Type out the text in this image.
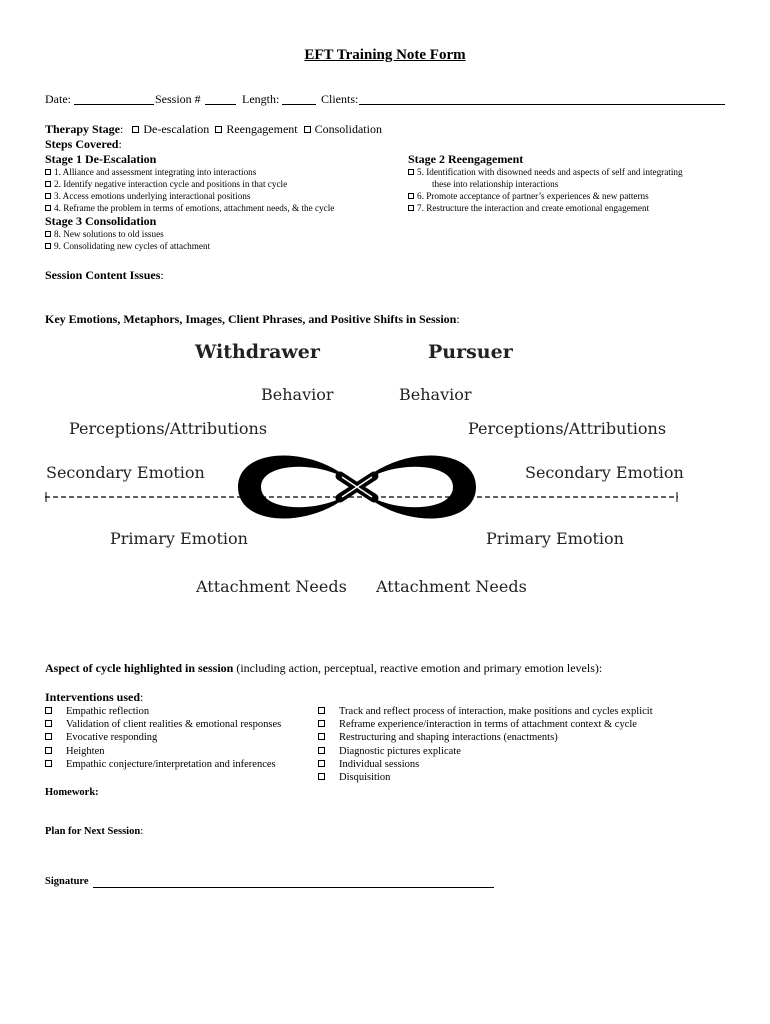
EFT Training Note Form
Date:	Session #	Length:	Clients:
Therapy Stage:   De-escalation Reengagement Consolidation
Steps Covered:
Stage 1 De-Escalation
1. Alliance and assessment integrating into interactions
2. Identify negative interaction cycle and positions in that cycle
3. Access emotions underlying interactional positions
4. Reframe the problem in terms of emotions, attachment needs, & the cycle
Stage 2 Reengagement
5. Identification with disowned needs and aspects of self and integrating
these into relationship interactions
6. Promote acceptance of partner’s experiences & new patterns
7. Restructure the interaction and create emotional engagement
Stage 3 Consolidation
8. New solutions to old issues
9. Consolidating new cycles of attachment
Session Content Issues:
Key Emotions, Metaphors, Images, Client Phrases, and Positive Shifts in Session:
Withdrawer	Pursuer
Behavior	Behavior
Perceptions/Attributions	Perceptions/Attributions
Secondary Emotion	Secondary Emotion
Primary Emotion	Primary Emotion
Attachment Needs Attachment Needs
Aspect of cycle highlighted in session (including action, perceptual, reactive emotion and primary emotion levels):
Interventions used:
Empathic reflection
Validation of client realities & emotional responses
Evocative responding
Heighten
Empathic conjecture/interpretation and inferences
Track and reflect process of interaction, make positions and cycles explicit
Reframe experience/interaction in terms of attachment context & cycle
Restructuring and shaping interactions (enactments)
Diagnostic pictures explicate
Individual sessions
Disquisition
Homework:
Plan for Next Session:
Signature
